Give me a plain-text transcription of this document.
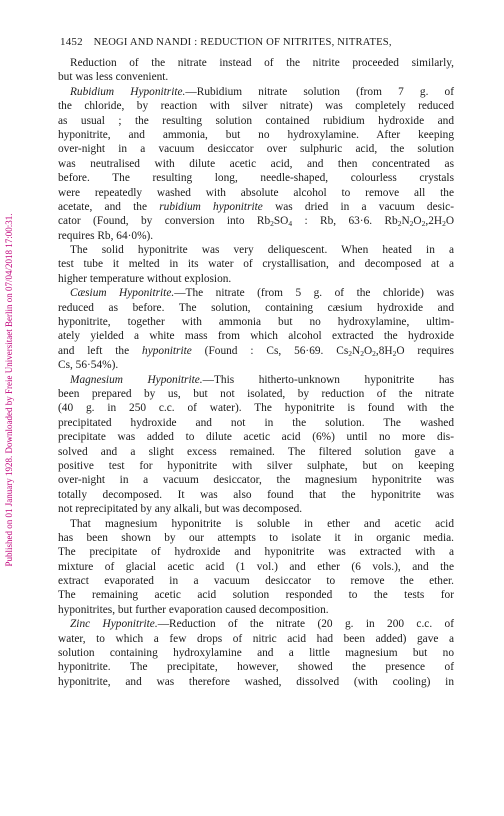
Published on 01 January 1928. Downloaded by Freie Universitaet Berlin on 07/04/2018 17:00:31.
1452 NEOGI AND NANDI : REDUCTION OF NITRITES, NITRATES,
Reduction of the nitrate instead of the nitrite proceeded similarly,
but was less convenient.
Rubidium Hyponitrite.—Rubidium nitrate solution (from 7 g. of
the chloride, by reaction with silver nitrate) was completely reduced
as usual ; the resulting solution contained rubidium hydroxide and
hyponitrite, and ammonia, but no hydroxylamine. After keeping
over-night in a vacuum desiccator over sulphuric acid, the solution
was neutralised with dilute acetic acid, and then concentrated as
before. The resulting long, needle-shaped, colourless crystals
were repeatedly washed with absolute alcohol to remove all the
acetate, and the rubidium hyponitrite was dried in a vacuum desic-
cator (Found, by conversion into $Rb_2SO_4$ : Rb, 63·6. $Rb_2N_2O_2,2H_2O$
requires Rb, 64·0%).
The solid hyponitrite was very deliquescent. When heated in a
test tube it melted in its water of crystallisation, and decomposed at a
higher temperature without explosion.
Cæsium Hyponitrite.—The nitrate (from 5 g. of the chloride) was
reduced as before. The solution, containing cæsium hydroxide and
hyponitrite, together with ammonia but no hydroxylamine, ultim-
ately yielded a white mass from which alcohol extracted the hydroxide
and left the hyponitrite (Found : Cs, 56·69. $Cs_2N_2O_2,8H_2O$ requires
Cs, 56·54%).
Magnesium Hyponitrite.—This hitherto-unknown hyponitrite has
been prepared by us, but not isolated, by reduction of the nitrate
(40 g. in 250 c.c. of water). The hyponitrite is found with the
precipitated hydroxide and not in the solution. The washed
precipitate was added to dilute acetic acid (6%) until no more dis-
solved and a slight excess remained. The filtered solution gave a
positive test for hyponitrite with silver sulphate, but on keeping
over-night in a vacuum desiccator, the magnesium hyponitrite was
totally decomposed. It was also found that the hyponitrite was
not reprecipitated by any alkali, but was decomposed.
That magnesium hyponitrite is soluble in ether and acetic acid
has been shown by our attempts to isolate it in organic media.
The precipitate of hydroxide and hyponitrite was extracted with a
mixture of glacial acetic acid (1 vol.) and ether (6 vols.), and the
extract evaporated in a vacuum desiccator to remove the ether.
The remaining acetic acid solution responded to the tests for
hyponitrites, but further evaporation caused decomposition.
Zinc Hyponitrite.—Reduction of the nitrate (20 g. in 200 c.c. of
water, to which a few drops of nitric acid had been added) gave a
solution containing hydroxylamine and a little magnesium but no
hyponitrite. The precipitate, however, showed the presence of
hyponitrite, and was therefore washed, dissolved (with cooling) in
